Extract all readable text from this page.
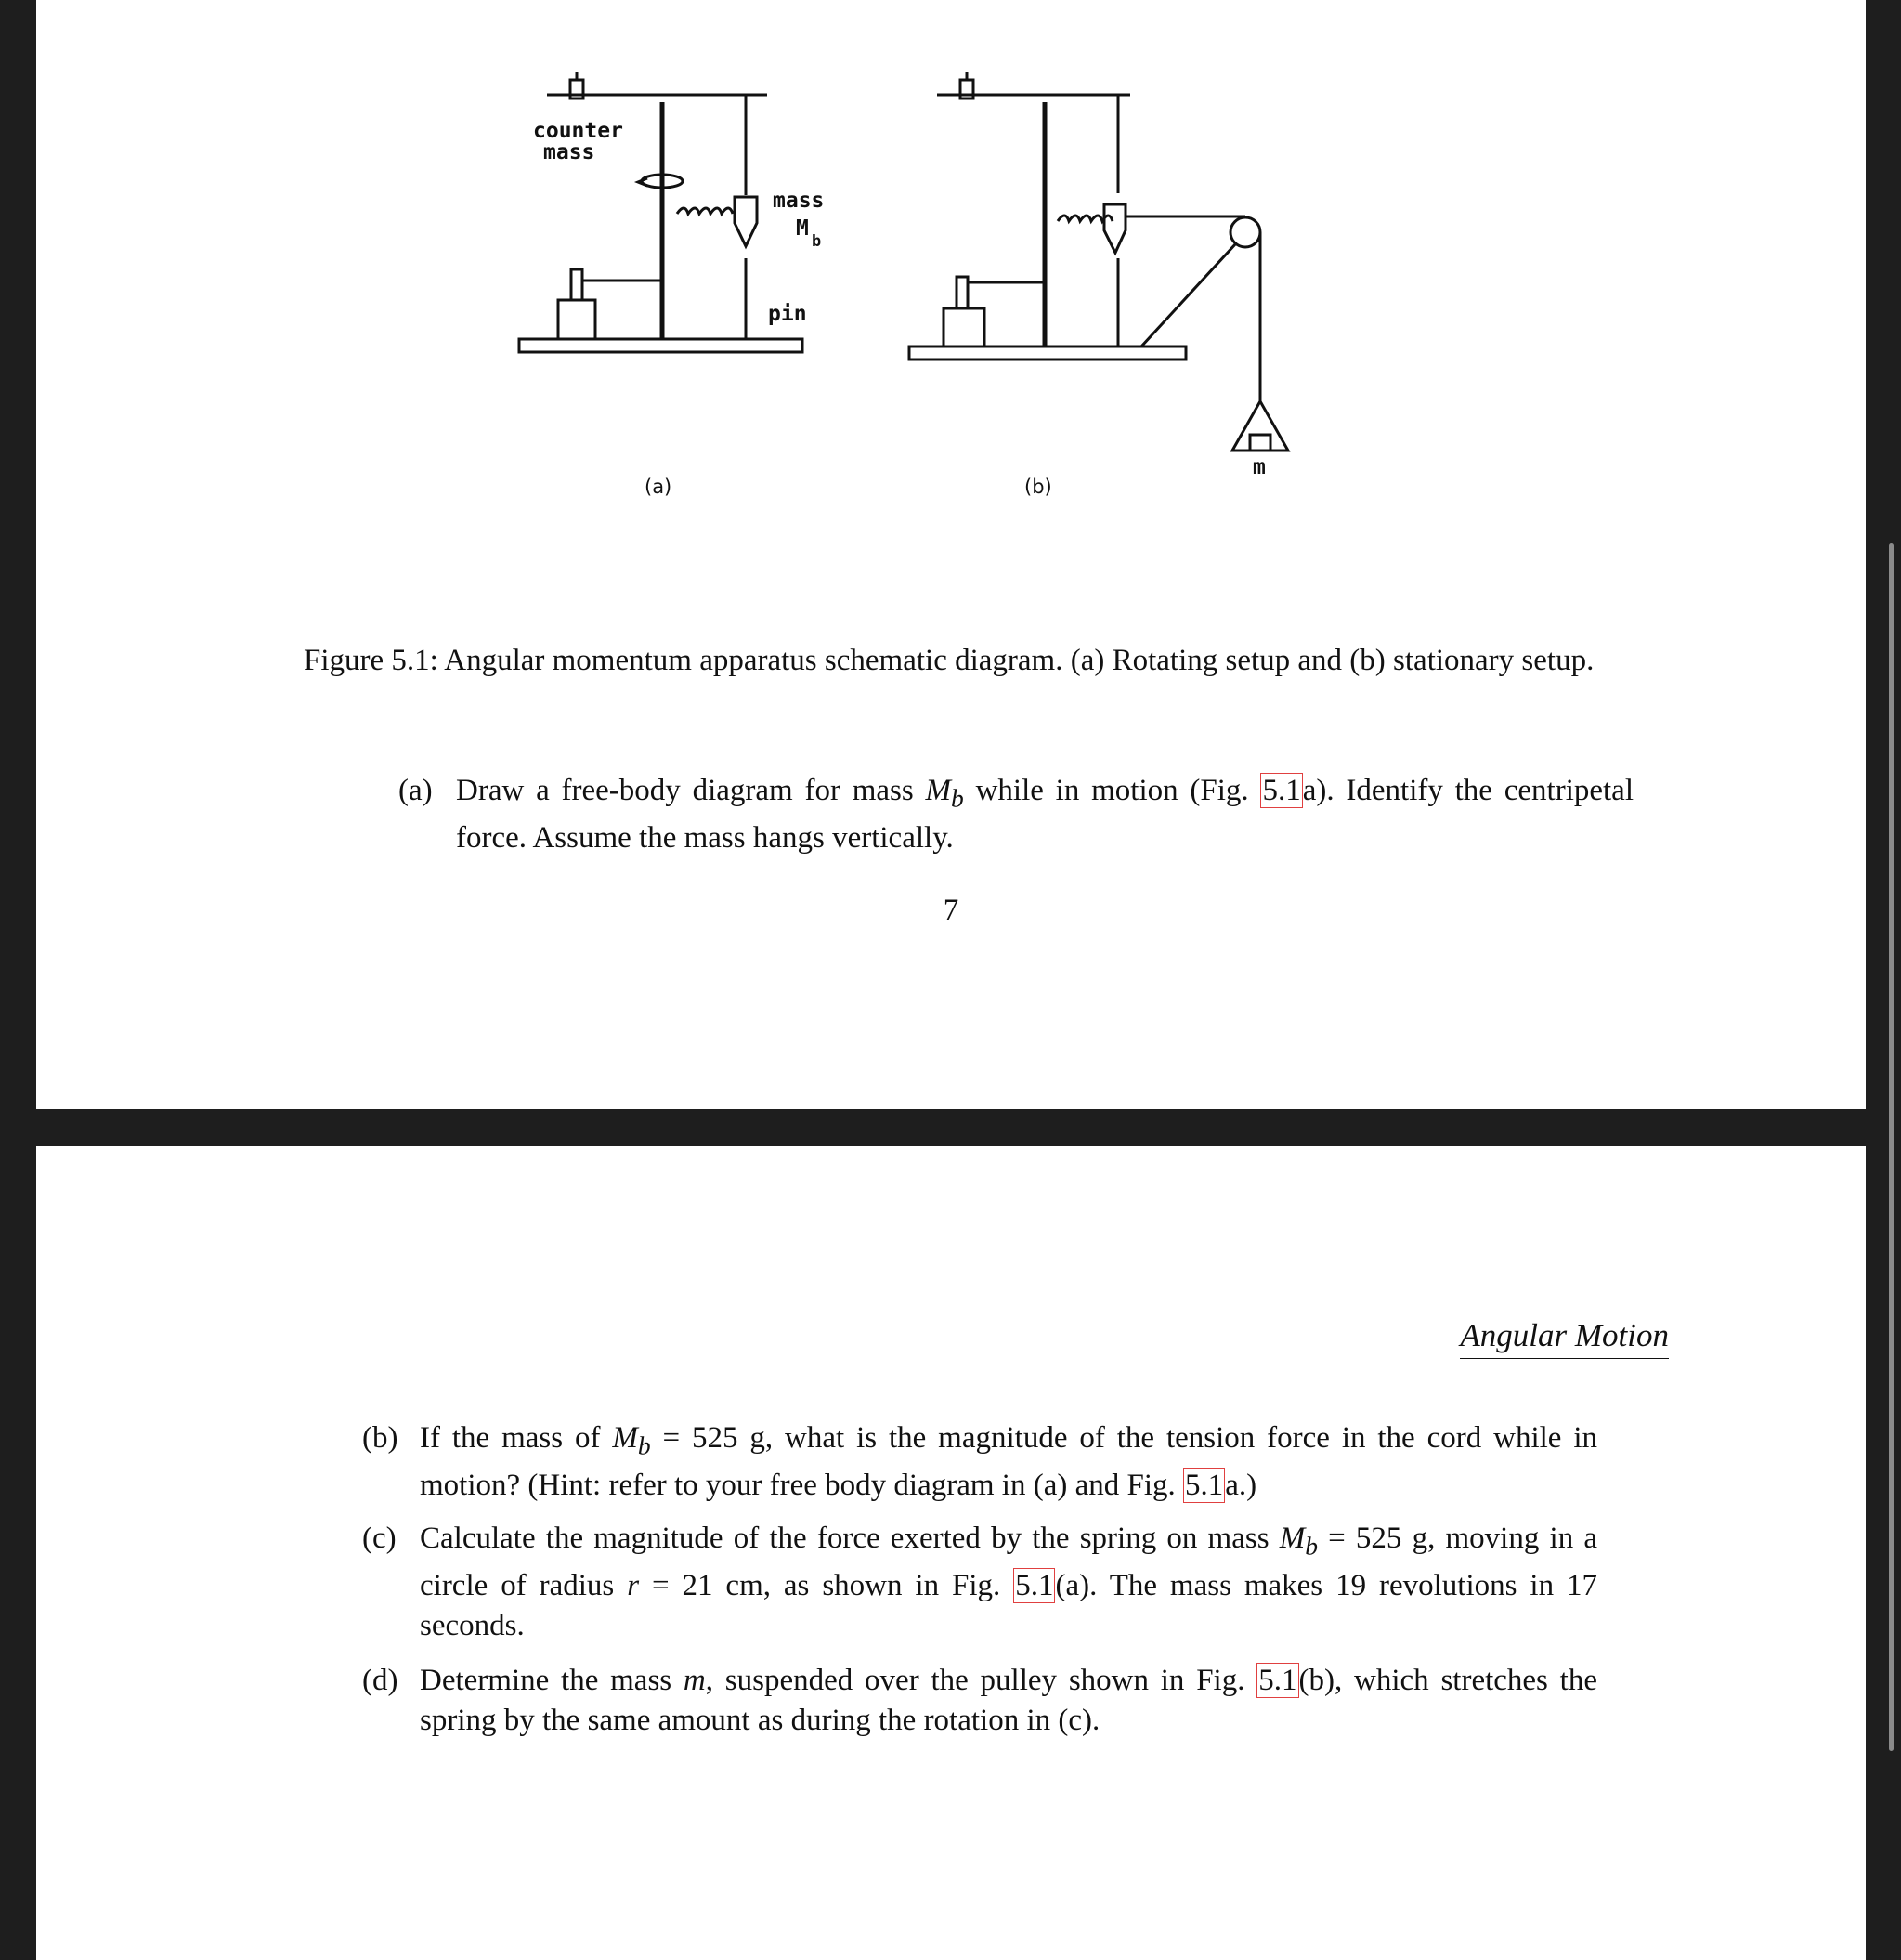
counter
mass
mass
M
b
pin
m
(a)	(b)
Figure 5.1: Angular momentum apparatus schematic diagram. (a) Rotating setup and (b) stationary setup.
(a) Draw a free-body diagram for mass $M_b$ while in motion (Fig. 5.1a). Identify the centripetal force. Assume the mass hangs vertically.
7
Angular Motion
(b) If the mass of $M_b = 525$ g, what is the magnitude of the tension force in the cord while in motion? (Hint: refer to your free body diagram in (a) and Fig. 5.1a.)
(c) Calculate the magnitude of the force exerted by the spring on mass $M_b = 525$ g, moving in a circle of radius r = 21 cm, as shown in Fig. 5.1(a). The mass makes 19 revolutions in 17 seconds.
(d) Determine the mass m, suspended over the pulley shown in Fig. 5.1(b), which stretches the spring by the same amount as during the rotation in (c).
